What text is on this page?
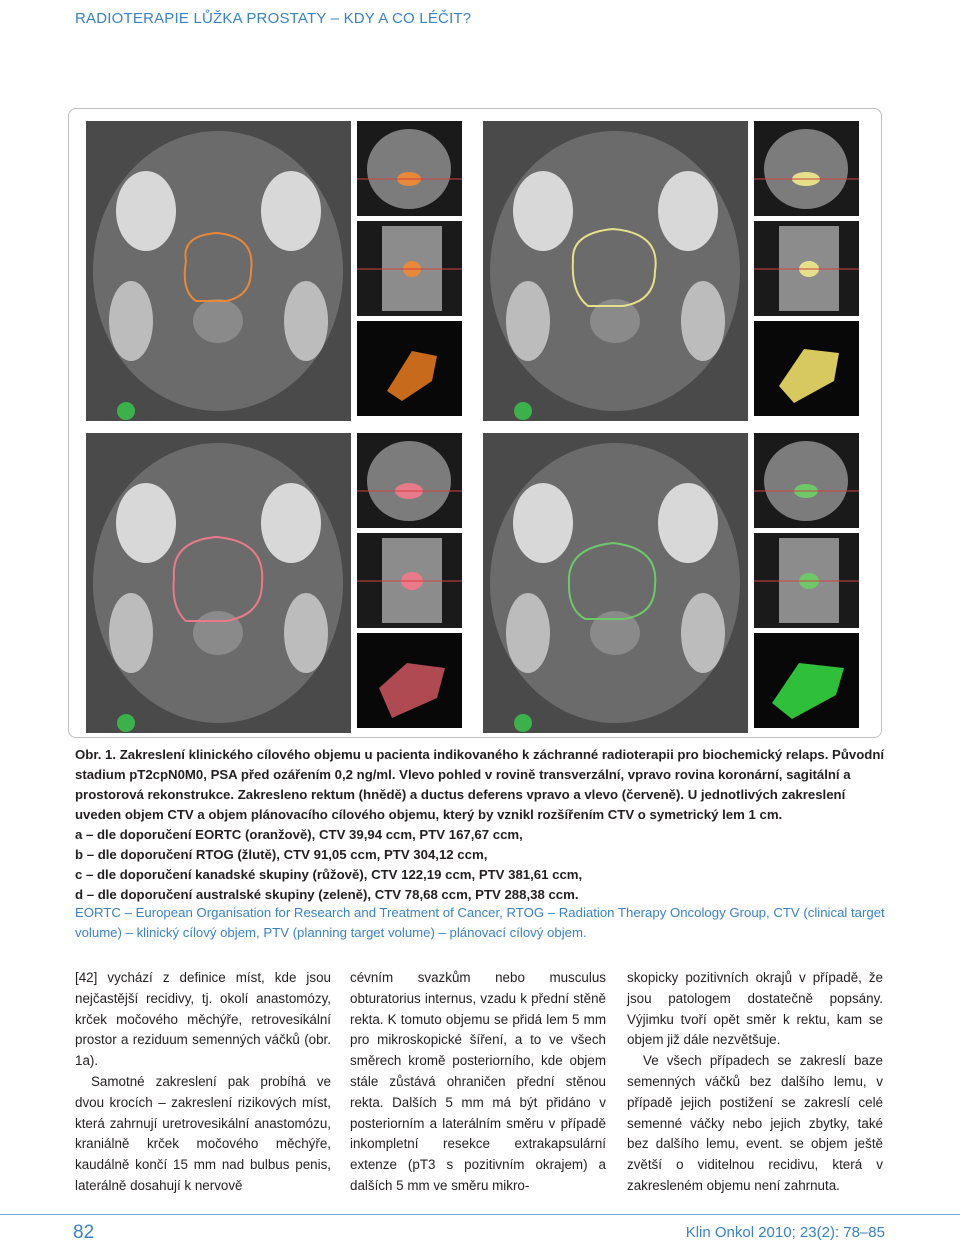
RADIOTERAPIE LŮŽKA PROSTATY – KDY A CO LÉČIT?

Obr. 1. Zakreslení klinického cílového objemu u pacienta indikovaného k záchranné radioterapii pro biochemický relaps. Původní stadium pT2cpN0M0, PSA před ozářením 0,2 ng/ml. Vlevo pohled v rovině transverzální, vpravo rovina koronární, sagitální a prostorová rekonstrukce. Zakresleno rektum (hnědě) a ductus deferens vpravo a vlevo (červeně). U jednotlivých zakreslení uveden objem CTV a objem plánovacího cílového objemu, který by vznikl rozšířením CTV o symetrický lem 1 cm.

a – dle doporučení EORTC (oranžově), CTV 39,94 ccm, PTV 167,67 ccm,

b – dle doporučení RTOG (žlutě), CTV 91,05 ccm, PTV 304,12 ccm,

c – dle doporučení kanadské skupiny (růžově), CTV 122,19 ccm, PTV 381,61 ccm,

d – dle doporučení australské skupiny (zeleně), CTV 78,68 ccm, PTV 288,38 ccm.

EORTC – European Organisation for Research and Treatment of Cancer, RTOG – Radiation Therapy Oncology Group, CTV (clinical target volume) – klinický cílový objem, PTV (planning target volume) – plánovací cílový objem.

[42] vychází z definice míst, kde jsou nejčastější recidivy, tj. okolí anastomózy, krček močového měchýře, retrovesikální prostor a reziduum semenných váčků (obr. 1a).

Samotné zakreslení pak probíhá ve dvou krocích – zakreslení rizikových míst, která zahrnují uretrovesikální anastomózu, kraniálně krček močového měchýře, kaudálně končí 15 mm nad bulbus penis, laterálně dosahují k nervově

cévním svazkům nebo musculus obturatorius internus, vzadu k přední stěně rekta. K tomuto objemu se přidá lem 5 mm pro mikroskopické šíření, a to ve všech směrech kromě posteriorního, kde objem stále zůstává ohraničen přední stěnou rekta. Dalších 5 mm má být přidáno v posteriorním a laterálním směru v případě inkompletní resekce extrakapsulární extenze (pT3 s pozitivním okrajem) a dalších 5 mm ve směru mikro-

skopicky pozitivních okrajů v případě, že jsou patologem dostatečně popsány. Výjimku tvoří opět směr k rektu, kam se objem již dále nezvětšuje.

Ve všech případech se zakreslí baze semenných váčků bez dalšího lemu, v případě jejich postižení se zakreslí celé semenné váčky nebo jejich zbytky, také bez dalšího lemu, event. se objem ještě zvětší o viditelnou recidivu, která v zakresleném objemu není zahrnuta.

82	Klin Onkol 2010; 23(2): 78–85
